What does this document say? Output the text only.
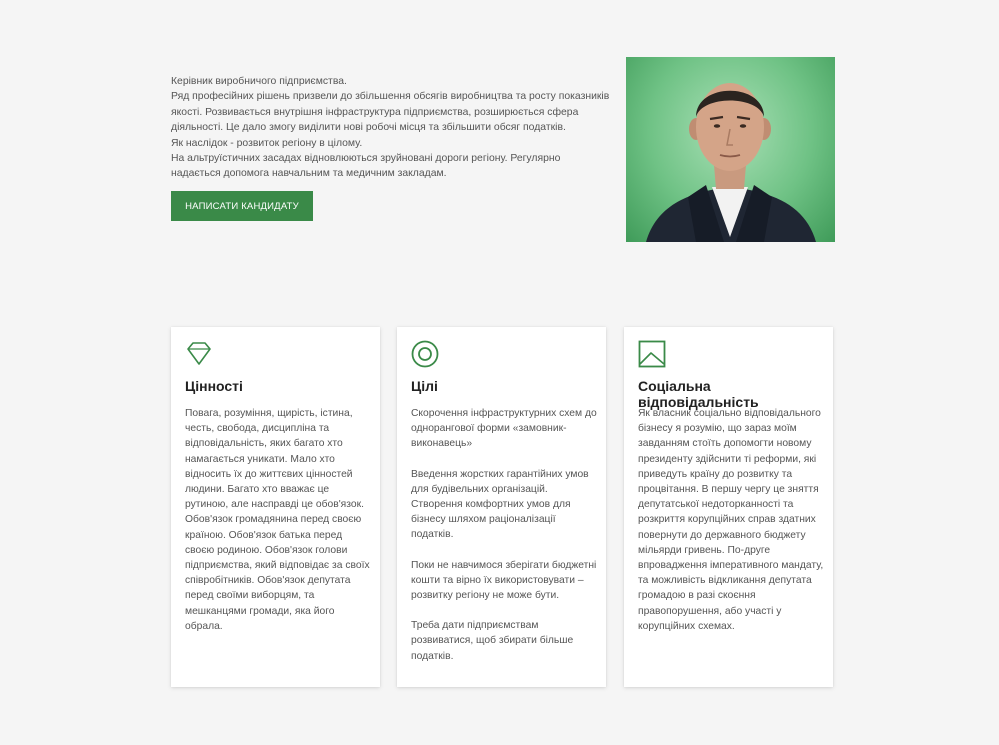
Керівник виробничого підприємства.

Ряд професійних рішень призвели до збільшення обсягів виробництва та росту показників якості. Розвивається внутрішня інфраструктура підприємства, розширюється сфера діяльності. Це дало змогу виділити нові робочі місця та збільшити обсяг податків.

Як наслідок - розвиток регіону в цілому.

На альтруїстичних засадах відновлюються зруйновані дороги регіону. Регулярно надається допомога навчальним та медичним закладам.

НАПИСАТИ КАНДИДАТУ
Цінності

Повага, розуміння, щирість, істина, честь, свобода, дисципліна та відповідальність, яких багато хто намагається уникати. Мало хто відносить їх до життєвих цінностей людини. Багато хто вважає це рутиною, але насправді це обов'язок. Обов'язок громадянина перед своєю країною. Обов'язок батька перед своєю родиною. Обов'язок голови підприємства, який відповідає за своїх співробітників. Обов'язок депутата перед своїми виборцям, та мешканцями громади, яка його обрала.

Цілі

Скорочення інфраструктурних схем до однорангової форми «замовник-виконавець»

Введення жорстких гарантійних умов для будівельних організацій. Створення комфортних умов для бізнесу шляхом раціоналізації податків.

Поки не навчимося зберігати бюджетні кошти та вірно їх використовувати – розвитку регіону не може бути.

Треба дати підприємствам розвиватися, щоб збирати більше податків.

Соціальна відповідальність

Як власник соціально відповідального бізнесу я розумію, що зараз моїм завданням стоїть допомогти новому президенту здійснити ті реформи, які приведуть країну до розвитку та процвітання. В першу чергу це зняття депутатської недоторканності та розкриття корупційних справ здатних повернути до державного бюджету мільярди гривень. По-друге впровадження імперативного мандату, та можливість відкликання депутата громадою в разі скоєння правопорушення, або участі у корупційних схемах.
